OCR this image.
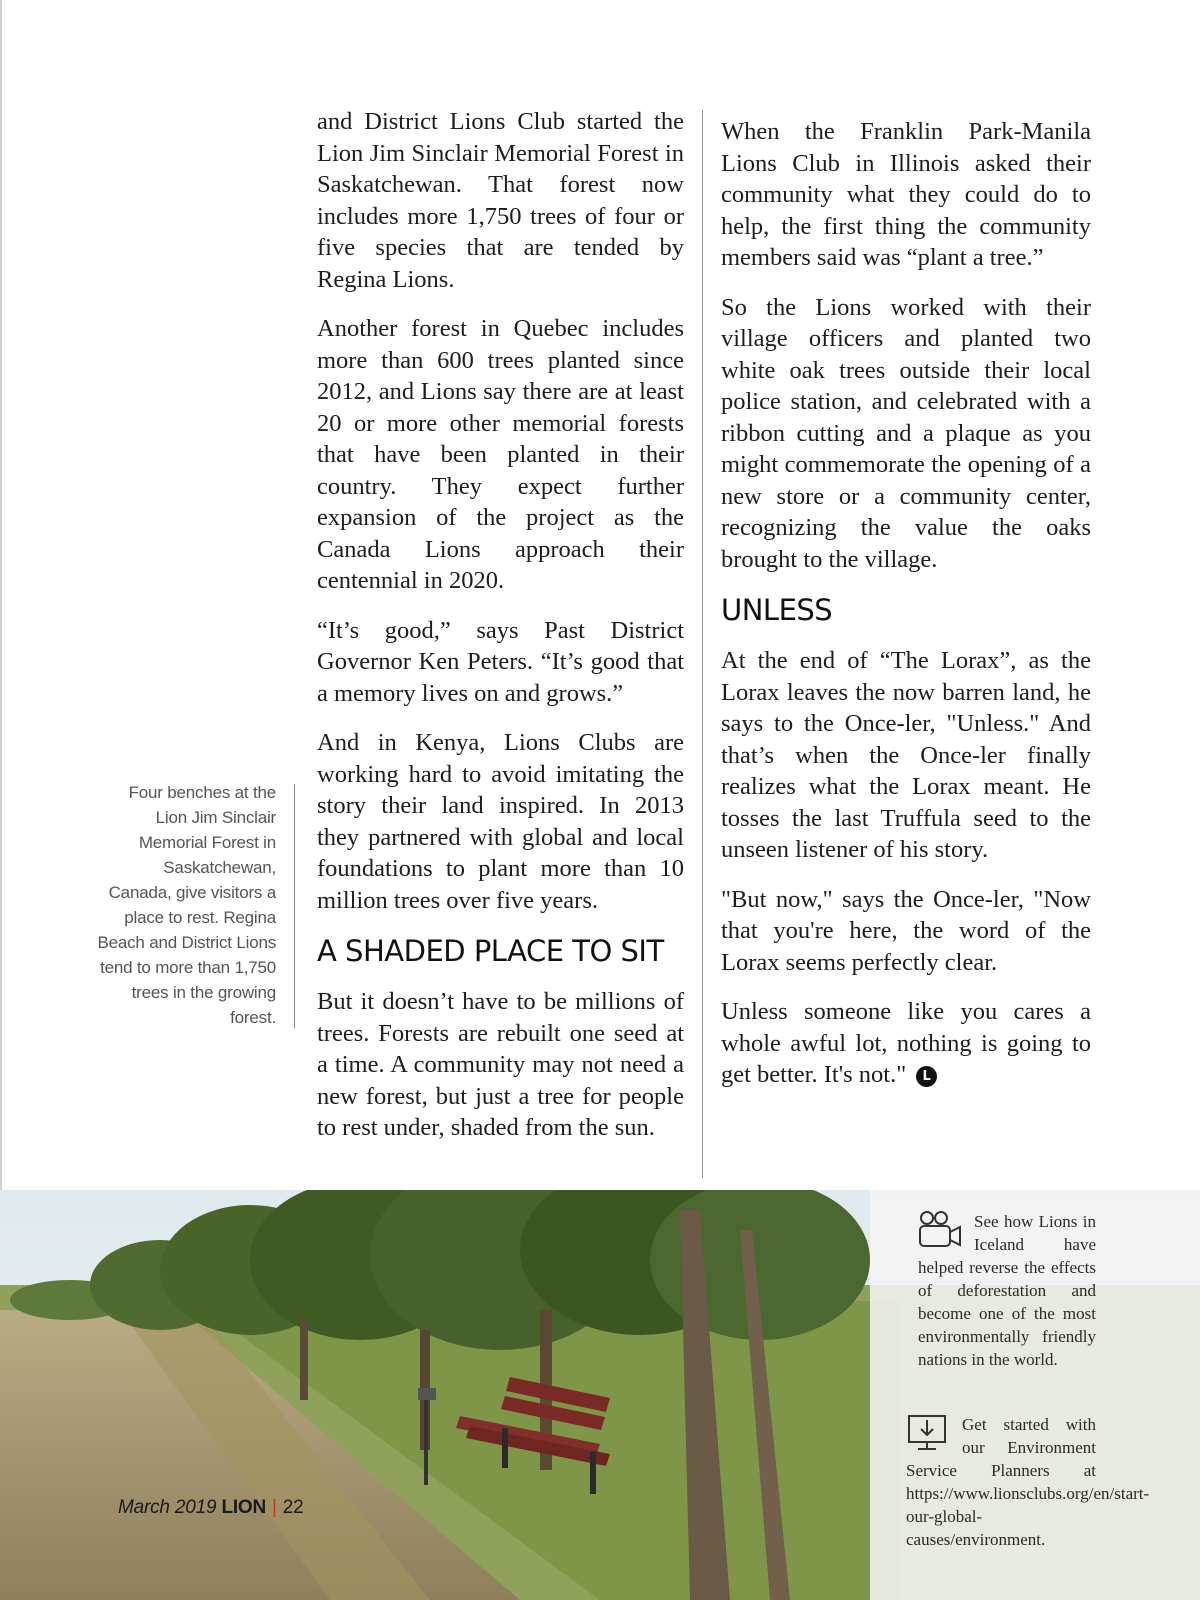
Four benches at the Lion Jim Sinclair Memorial Forest in Saskatchewan, Canada, give visitors a place to rest. Regina Beach and District Lions tend to more than 1,750 trees in the growing forest.

and District Lions Club started the Lion Jim Sinclair Memorial Forest in Saskatchewan. That forest now includes more 1,750 trees of four or five species that are tended by Regina Lions.

Another forest in Quebec includes more than 600 trees planted since 2012, and Lions say there are at least 20 or more other memorial forests that have been planted in their country. They expect further expansion of the project as the Canada Lions approach their centennial in 2020.

“It’s good,” says Past District Governor Ken Peters. “It’s good that a memory lives on and grows.”

And in Kenya, Lions Clubs are working hard to avoid imitating the story their land inspired. In 2013 they partnered with global and local foundations to plant more than 10 million trees over five years.

A SHADED PLACE TO SIT

But it doesn’t have to be millions of trees. Forests are rebuilt one seed at a time. A community may not need a new forest, but just a tree for people to rest under, shaded from the sun.

When the Franklin Park-Manila Lions Club in Illinois asked their community what they could do to help, the first thing the community members said was “plant a tree.”

So the Lions worked with their village officers and planted two white oak trees outside their local police station, and celebrated with a ribbon cutting and a plaque as you might commemorate the opening of a new store or a community center, recognizing the value the oaks brought to the village.

UNLESS

At the end of “The Lorax”, as the Lorax leaves the now barren land, he says to the Once-ler, "Unless." And that’s when the Once-ler finally realizes what the Lorax meant. He tosses the last Truffula seed to the unseen listener of his story.

"But now," says the Once-ler, "Now that you're here, the word of the Lorax seems perfectly clear.

Unless someone like you cares a whole awful lot, nothing is going to get better. It's not." L

See how Lions in Iceland have helped reverse the effects of deforestation and become one of the most environmentally friendly nations in the world.
Get started with our Environment Service Planners at https://www.lionsclubs.org/en/start-our-global-causes/environment.
March 2019 LION | 22
